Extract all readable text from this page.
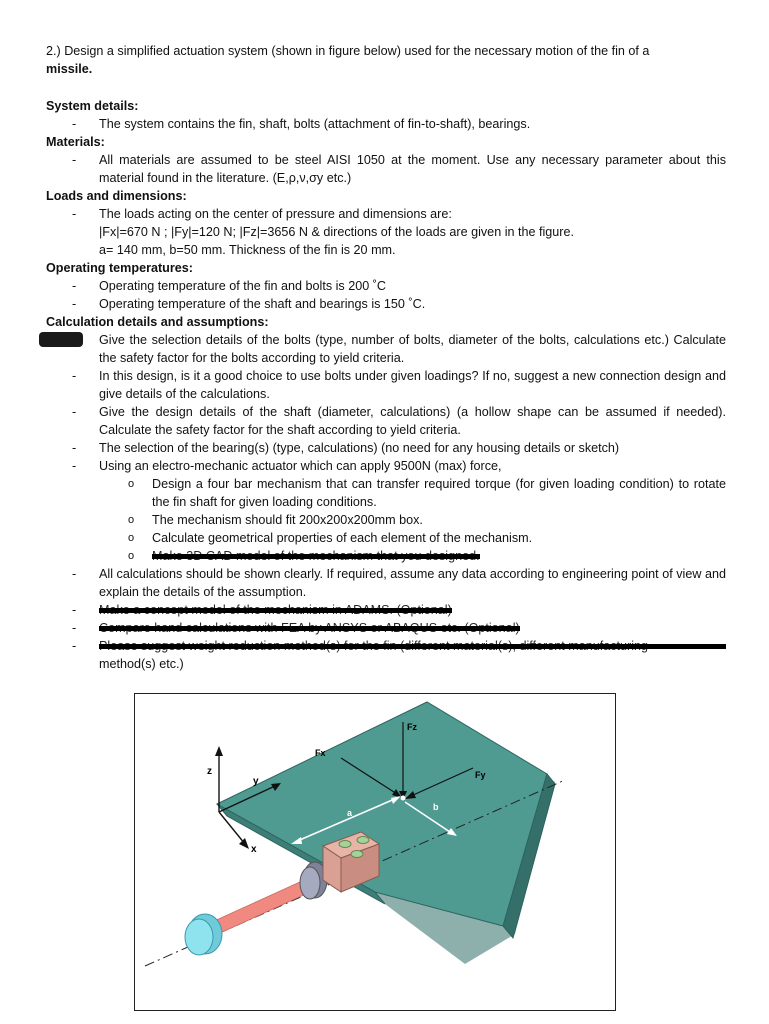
2.) Design a simplified actuation system (shown in figure below) used for the necessary motion of the fin of a
missile.
System details:
- The system contains the fin, shaft, bolts (attachment of fin-to-shaft), bearings.
Materials:
- All materials are assumed to be steel AISI 1050 at the moment. Use any necessary parameter about this material found in the literature. (E,ρ,ν,σy etc.)
Loads and dimensions:
- The loads acting on the center of pressure and dimensions are:
|Fx|=670 N ; |Fy|=120 N; |Fz|=3656 N & directions of the loads are given in the figure.
a= 140 mm, b=50 mm. Thickness of the fin is 20 mm.
Operating temperatures:
- Operating temperature of the fin and bolts is 200 ˚C
- Operating temperature of the shaft and bearings is 150 ˚C.
Calculation details and assumptions:
Give the selection details of the bolts (type, number of bolts, diameter of the bolts, calculations etc.) Calculate the safety factor for the bolts according to yield criteria.
- In this design, is it a good choice to use bolts under given loadings? If no, suggest a new connection design and give details of the calculations.
- Give the design details of the shaft (diameter, calculations) (a hollow shape can be assumed if needed). Calculate the safety factor for the shaft according to yield criteria.
- The selection of the bearing(s) (type, calculations) (no need for any housing details or sketch)
- Using an electro-mechanic actuator which can apply 9500N (max) force,
o Design a four bar mechanism that can transfer required torque (for given loading condition) to rotate the fin shaft for given loading conditions.
o The mechanism should fit 200x200x200mm box.
o Calculate geometrical properties of each element of the mechanism.
o
- All calculations should be shown clearly. If required, assume any data according to engineering point of view and explain the details of the assumption.
-
-
-
method(s) etc.)
z
y
x
Fz
Fx
Fy
a
b
